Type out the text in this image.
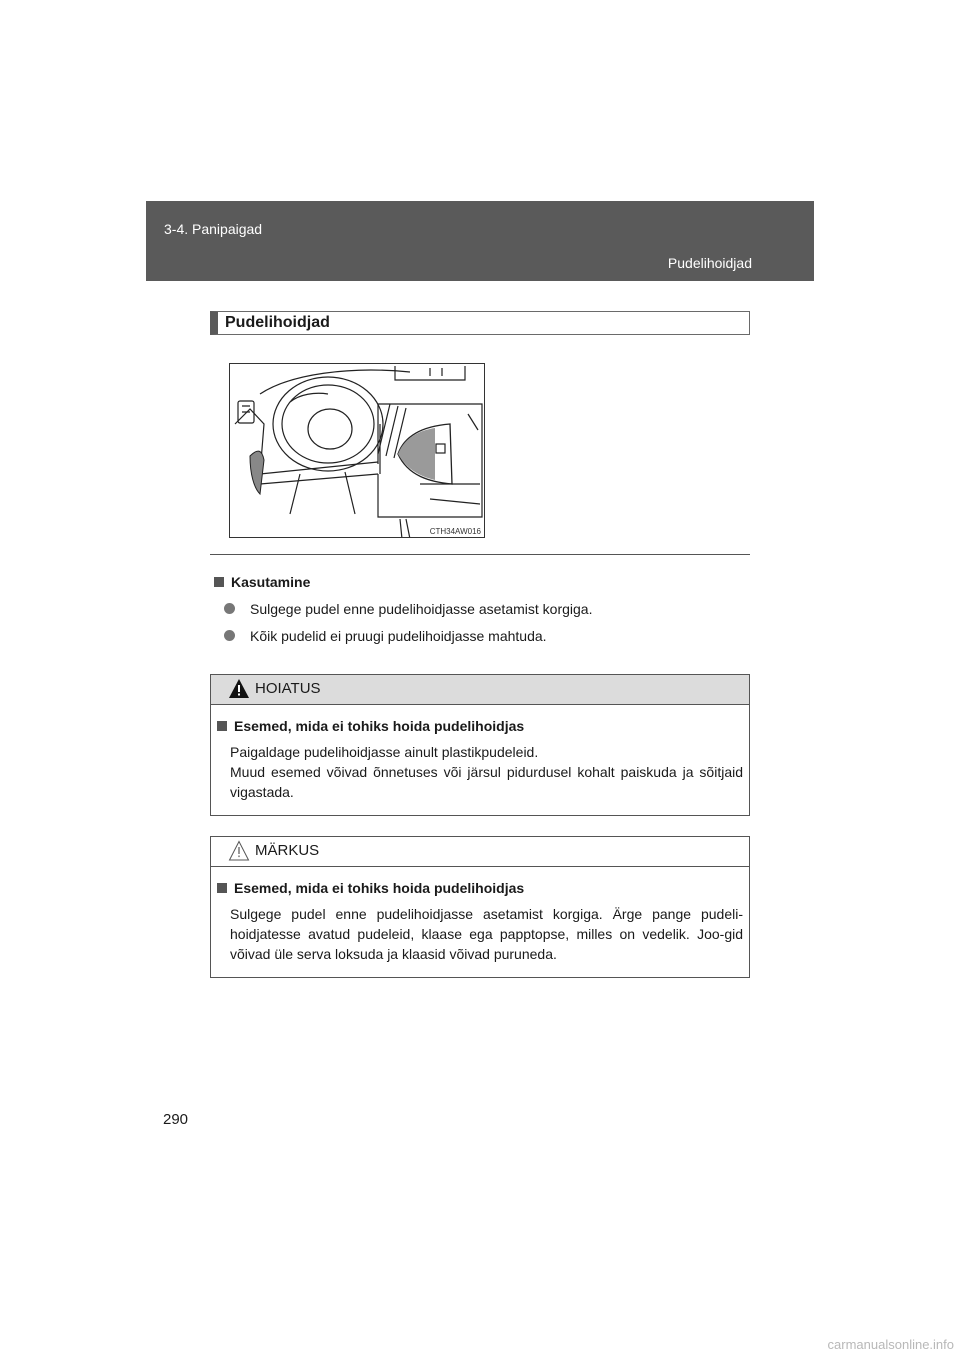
3-4. Panipaigad
Pudelihoidjad
Pudelihoidjad
CTH34AW016
Kasutamine
Sulgege pudel enne pudelihoidjasse asetamist korgiga.
Kõik pudelid ei pruugi pudelihoidjasse mahtuda.
HOIATUS
Esemed, mida ei tohiks hoida pudelihoidjas
Paigaldage pudelihoidjasse ainult plastikpudeleid.
Muud esemed võivad õnnetuses või järsul pidurdusel kohalt paiskuda ja sõitjaid vigastada.
MÄRKUS
Esemed, mida ei tohiks hoida pudelihoidjas
Sulgege pudel enne pudelihoidjasse asetamist korgiga. Ärge pange pudeli-hoidjatesse avatud pudeleid, klaase ega papptopse, milles on vedelik. Joo-gid võivad üle serva loksuda ja klaasid võivad puruneda.
290
carmanualsonline.info
